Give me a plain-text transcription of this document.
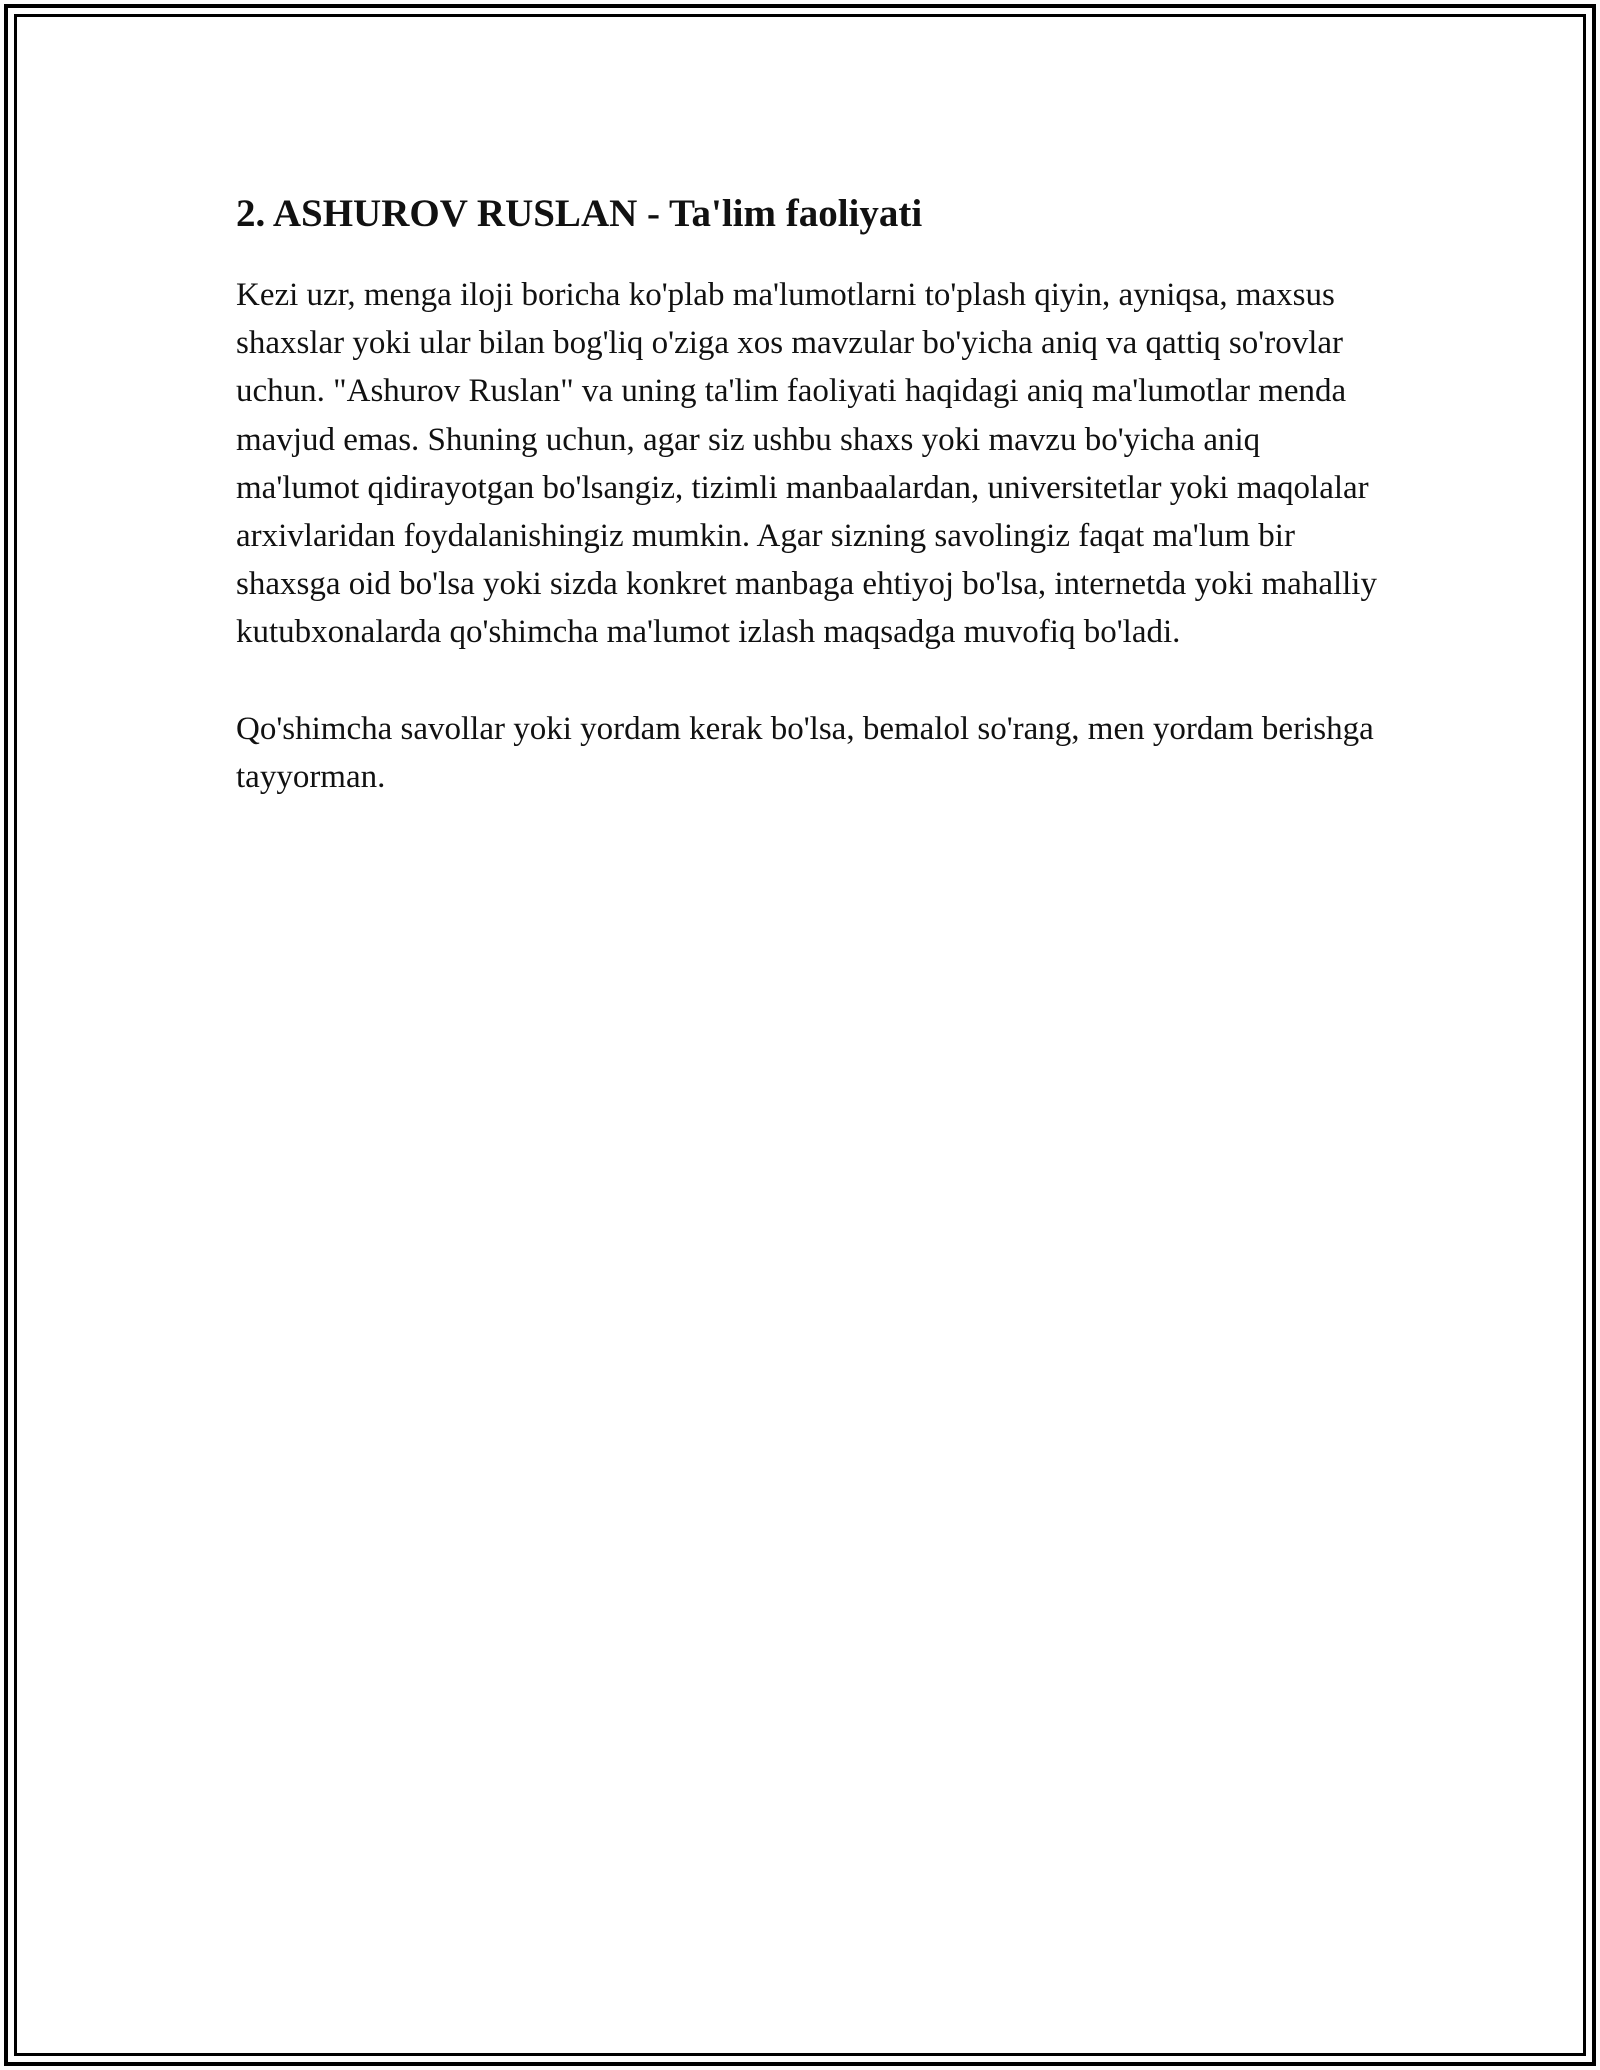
2. ASHUROV RUSLAN - Ta'lim faoliyati

Kezi uzr, menga iloji boricha ko'plab ma'lumotlarni to'plash qiyin, ayniqsa, maxsus shaxslar yoki ular bilan bog'liq o'ziga xos mavzular bo'yicha aniq va qattiq so'rovlar uchun. "Ashurov Ruslan" va uning ta'lim faoliyati haqidagi aniq ma'lumotlar menda mavjud emas. Shuning uchun, agar siz ushbu shaxs yoki mavzu bo'yicha aniq ma'lumot qidirayotgan bo'lsangiz, tizimli manbaalardan, universitetlar yoki maqolalar arxivlaridan foydalanishingiz mumkin. Agar sizning savolingiz faqat ma'lum bir shaxsga oid bo'lsa yoki sizda konkret manbaga ehtiyoj bo'lsa, internetda yoki mahalliy kutubxonalarda qo'shimcha ma'lumot izlash maqsadga muvofiq bo'ladi.

Qo'shimcha savollar yoki yordam kerak bo'lsa, bemalol so'rang, men yordam berishga tayyorman.
